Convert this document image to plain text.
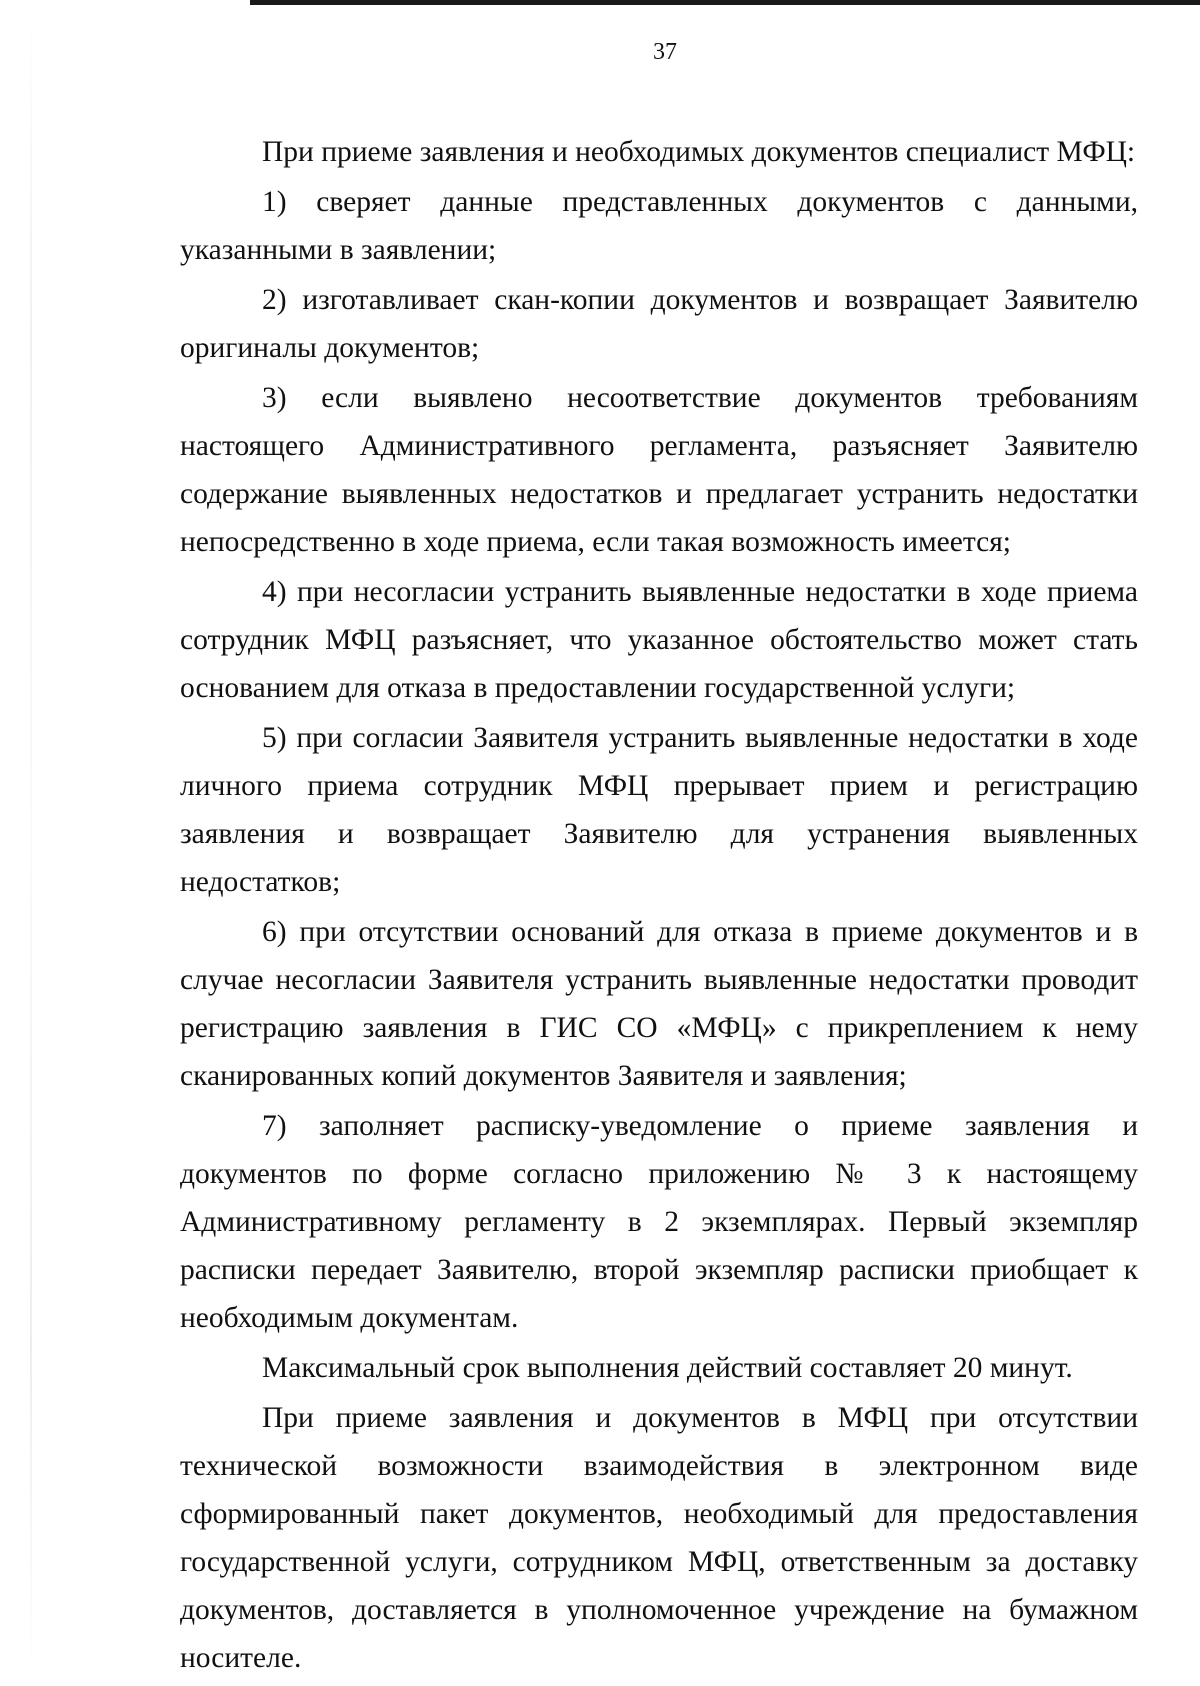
37

При приеме заявления и необходимых документов специалист МФЦ:

1) сверяет данные представленных документов с данными, указанными в заявлении;

2) изготавливает скан-копии документов и возвращает Заявителю оригиналы документов;

3) если выявлено несоответствие документов требованиям настоящего Административного регламента, разъясняет Заявителю содержание выявленных недостатков и предлагает устранить недостатки непосредственно в ходе приема, если такая возможность имеется;

4) при несогласии устранить выявленные недостатки в ходе приема сотрудник МФЦ разъясняет, что указанное обстоятельство может стать основанием для отказа в предоставлении государственной услуги;

5) при согласии Заявителя устранить выявленные недостатки в ходе личного приема сотрудник МФЦ прерывает прием и регистрацию заявления и возвращает Заявителю для устранения выявленных недостатков;

6) при отсутствии оснований для отказа в приеме документов и в случае несогласии Заявителя устранить выявленные недостатки проводит регистрацию заявления в ГИС СО «МФЦ» с прикреплением к нему сканированных копий документов Заявителя и заявления;

7) заполняет расписку-уведомление о приеме заявления и документов по форме согласно приложению № 3 к настоящему Административному регламенту в 2 экземплярах. Первый экземпляр расписки передает Заявителю, второй экземпляр расписки приобщает к необходимым документам.

Максимальный срок выполнения действий составляет 20 минут.

При приеме заявления и документов в МФЦ при отсутствии технической возможности взаимодействия в электронном виде сформированный пакет документов, необходимый для предоставления государственной услуги, сотрудником МФЦ, ответственным за доставку документов, доставляется в уполномоченное учреждение на бумажном носителе.
